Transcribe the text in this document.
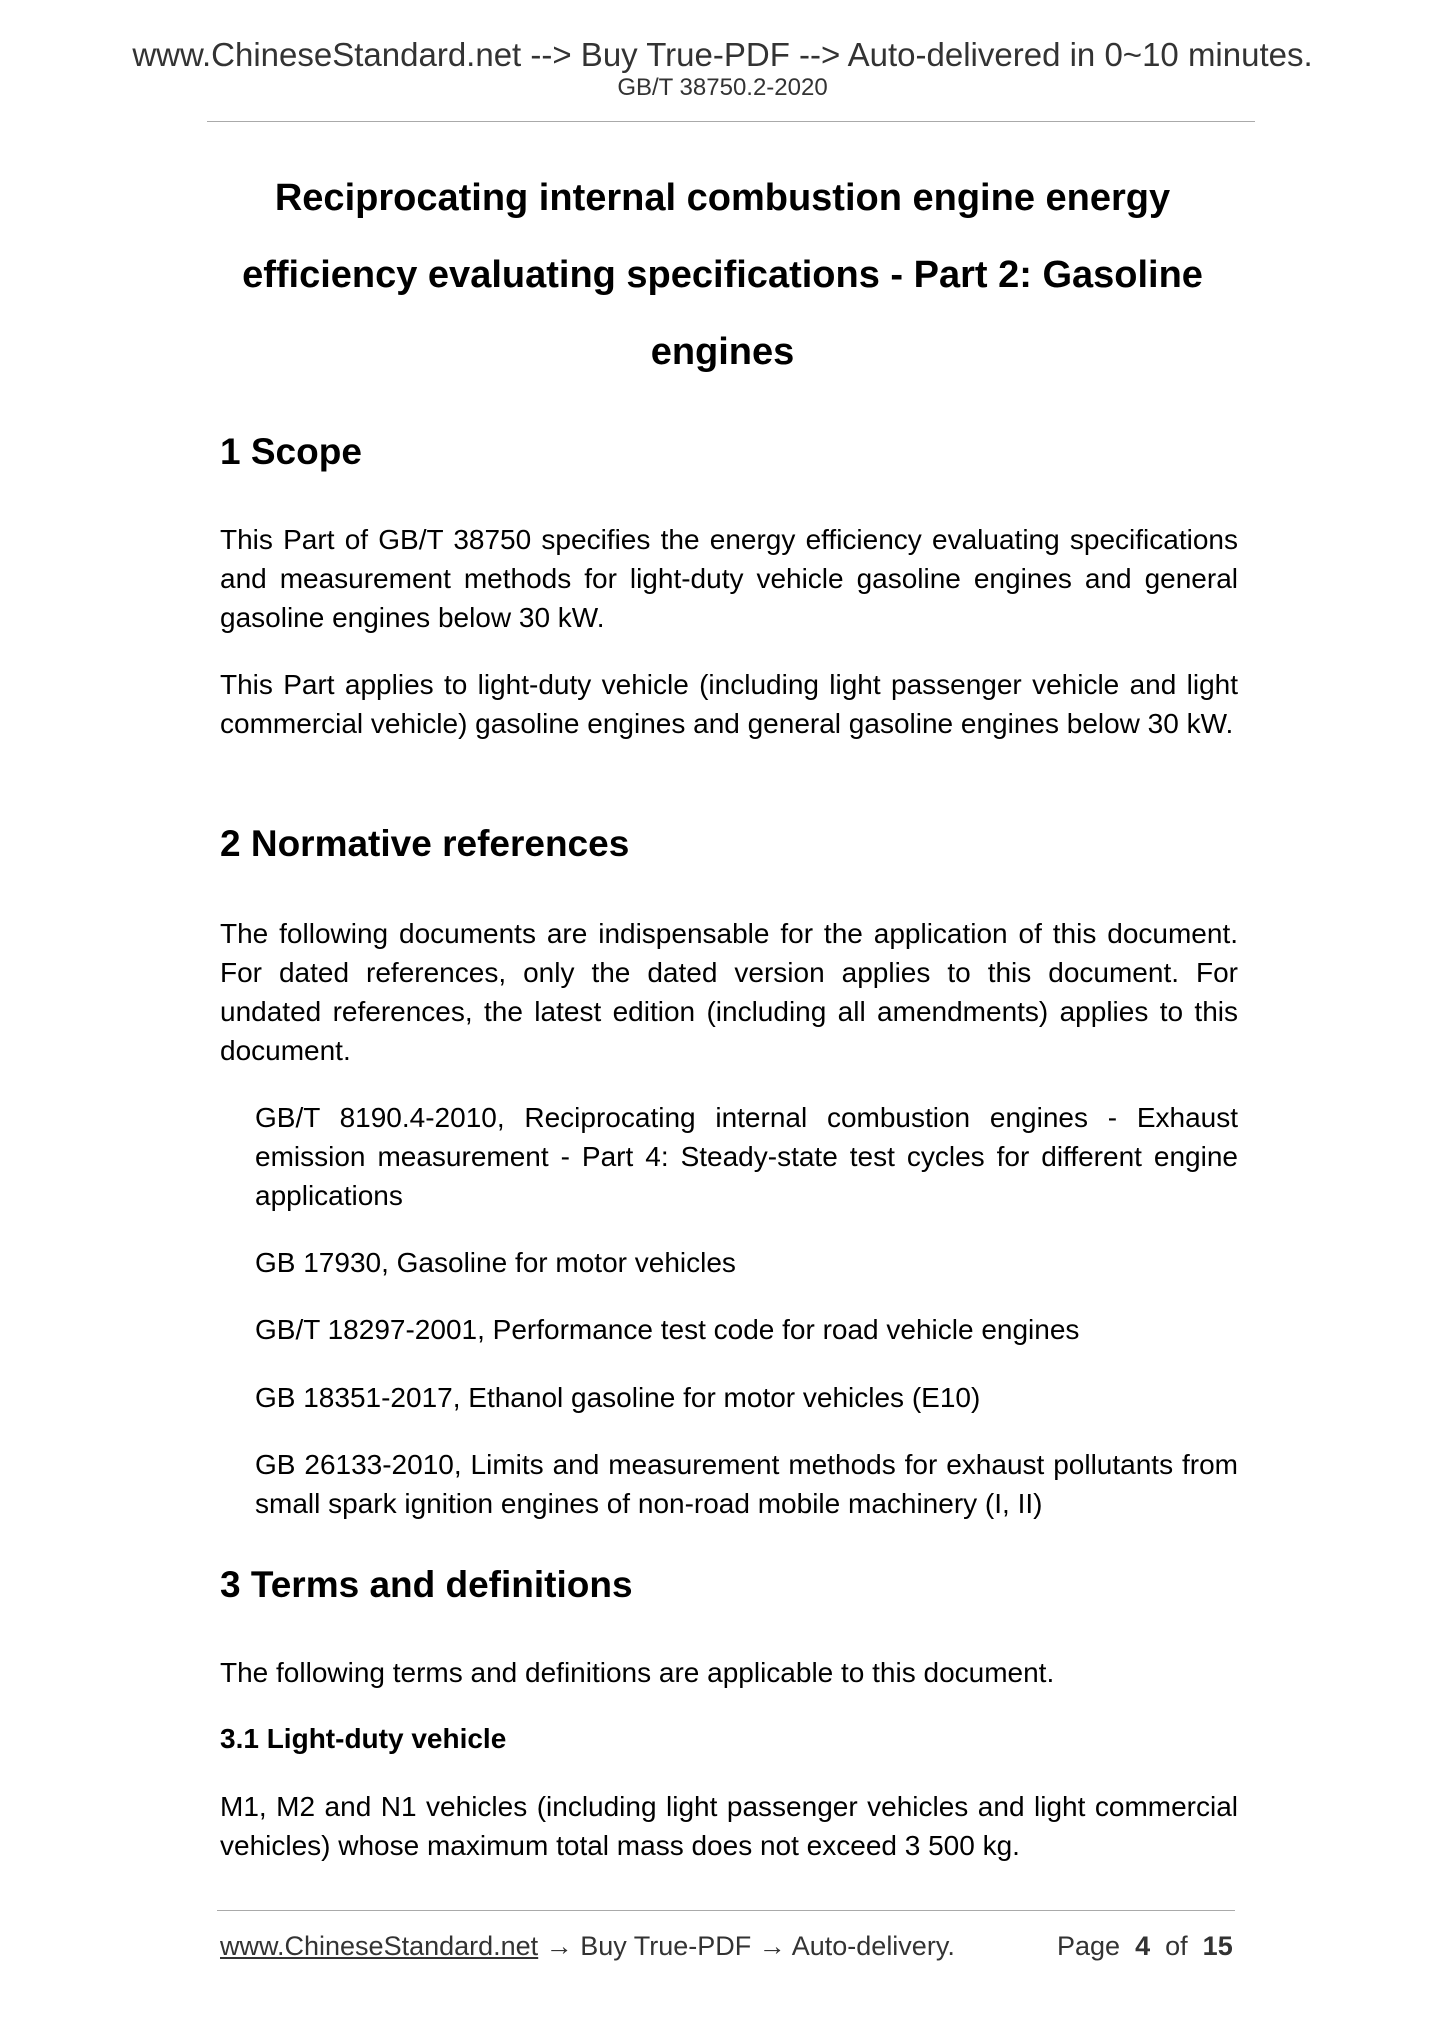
www.ChineseStandard.net --> Buy True-PDF --> Auto-delivered in 0~10 minutes.
GB/T 38750.2-2020
Reciprocating internal combustion engine energy
efficiency evaluating specifications - Part 2: Gasoline
engines
1 Scope

This Part of GB/T 38750 specifies the energy efficiency evaluating specifications and measurement methods for light-duty vehicle gasoline engines and general gasoline engines below 30 kW.

This Part applies to light-duty vehicle (including light passenger vehicle and light commercial vehicle) gasoline engines and general gasoline engines below 30 kW.

2 Normative references

The following documents are indispensable for the application of this document. For dated references, only the dated version applies to this document. For undated references, the latest edition (including all amendments) applies to this document.

GB/T 8190.4-2010, Reciprocating internal combustion engines - Exhaust emission measurement - Part 4: Steady-state test cycles for different engine applications

GB 17930, Gasoline for motor vehicles

GB/T 18297-2001, Performance test code for road vehicle engines

GB 18351-2017, Ethanol gasoline for motor vehicles (E10)

GB 26133-2010, Limits and measurement methods for exhaust pollutants from small spark ignition engines of non-road mobile machinery (I, II)

3 Terms and definitions

The following terms and definitions are applicable to this document.

3.1 Light-duty vehicle

M1, M2 and N1 vehicles (including light passenger vehicles and light commercial vehicles) whose maximum total mass does not exceed 3 500 kg.

www.ChineseStandard.net → Buy True-PDF → Auto-delivery.	Page 4 of 15
